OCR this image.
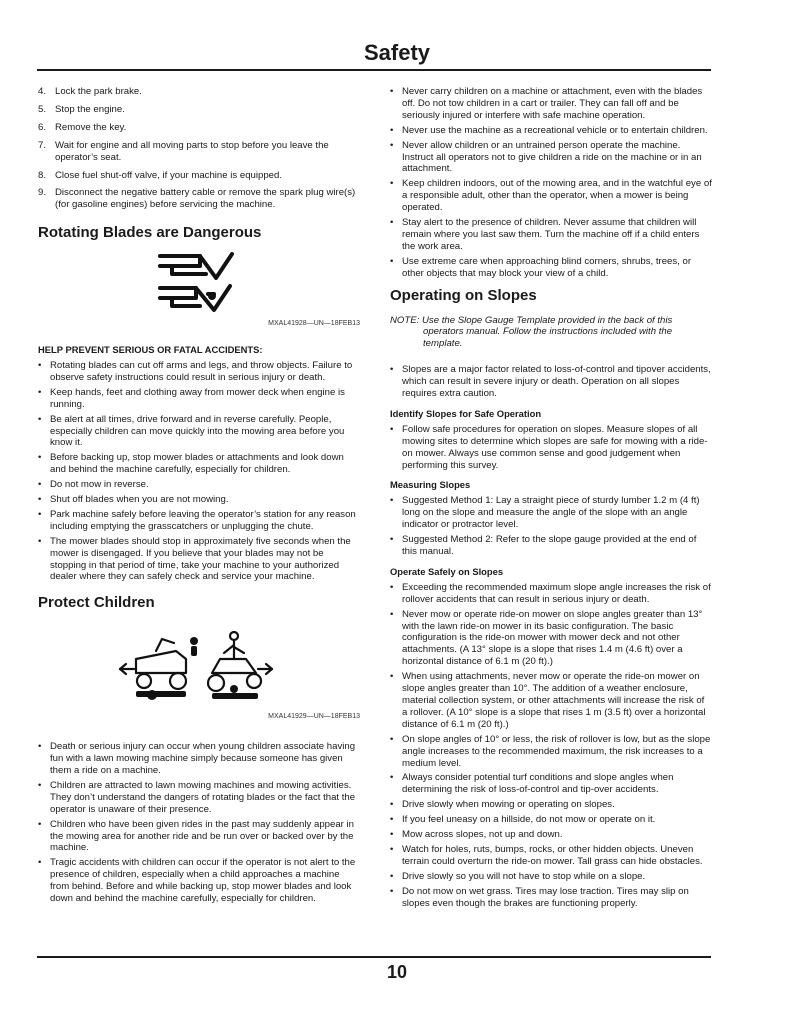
Safety
4. Lock the park brake.
5. Stop the engine.
6. Remove the key.
7. Wait for engine and all moving parts to stop before you leave the operator’s seat.
8. Close fuel shut-off valve, if your machine is equipped.
9. Disconnect the negative battery cable or remove the spark plug wire(s) (for gasoline engines) before servicing the machine.
Rotating Blades are Dangerous
MXAL41928—UN—18FEB13
HELP PREVENT SERIOUS OR FATAL ACCIDENTS:
• Rotating blades can cut off arms and legs, and throw objects. Failure to observe safety instructions could result in serious injury or death.
• Keep hands, feet and clothing away from mower deck when engine is running.
• Be alert at all times, drive forward and in reverse carefully. People, especially children can move quickly into the mowing area before you know it.
• Before backing up, stop mower blades or attachments and look down and behind the machine carefully, especially for children.
• Do not mow in reverse.
• Shut off blades when you are not mowing.
• Park machine safely before leaving the operator’s station for any reason including emptying the grasscatchers or unplugging the chute.
• The mower blades should stop in approximately five seconds when the mower is disengaged. If you believe that your blades may not be stopping in that period of time, take your machine to your authorized dealer where they can safely check and service your machine.
Protect Children
MXAL41929—UN—18FEB13
• Death or serious injury can occur when young children associate having fun with a lawn mowing machine simply because someone has given them a ride on a machine.
• Children are attracted to lawn mowing machines and mowing activities. They don’t understand the dangers of rotating blades or the fact that the operator is unaware of their presence.
• Children who have been given rides in the past may suddenly appear in the mowing area for another ride and be run over or backed over by the machine.
• Tragic accidents with children can occur if the operator is not alert to the presence of children, especially when a child approaches a machine from behind. Before and while backing up, stop mower blades and look down and behind the machine carefully, especially for children.
• Never carry children on a machine or attachment, even with the blades off. Do not tow children in a cart or trailer. They can fall off and be seriously injured or interfere with safe machine operation.
• Never use the machine as a recreational vehicle or to entertain children.
• Never allow children or an untrained person operate the machine. Instruct all operators not to give children a ride on the machine or in an attachment.
• Keep children indoors, out of the mowing area, and in the watchful eye of a responsible adult, other than the operator, when a mower is being operated.
• Stay alert to the presence of children. Never assume that children will remain where you last saw them. Turn the machine off if a child enters the work area.
• Use extreme care when approaching blind corners, shrubs, trees, or other objects that may block your view of a child.
Operating on Slopes
NOTE: Use the Slope Gauge Template provided in the back of this
operators manual. Follow the instructions included with the template.
• Slopes are a major factor related to loss-of-control and tipover accidents, which can result in severe injury or death. Operation on all slopes requires extra caution.
Identify Slopes for Safe Operation
• Follow safe procedures for operation on slopes. Measure slopes of all mowing sites to determine which slopes are safe for mowing with a ride-on mower. Always use common sense and good judgement when performing this survey.
Measuring Slopes
• Suggested Method 1: Lay a straight piece of sturdy lumber 1.2 m (4 ft) long on the slope and measure the angle of the slope with an angle indicator or protractor level.
• Suggested Method 2: Refer to the slope gauge provided at the end of this manual.
Operate Safely on Slopes
• Exceeding the recommended maximum slope angle increases the risk of rollover accidents that can result in serious injury or death.
• Never mow or operate ride-on mower on slope angles greater than 13° with the lawn ride-on mower in its basic configuration. The basic configuration is the ride-on mower with mower deck and not other attachments. (A 13° slope is a slope that rises 1.4 m (4.6 ft) over a horizontal distance of 6.1 m (20 ft).)
• When using attachments, never mow or operate the ride-on mower on slope angles greater than 10°. The addition of a weather enclosure, material collection system, or other attachments will increase the risk of a rollover. (A 10° slope is a slope that rises 1 m (3.5 ft) over a horizontal distance of 6.1 m (20 ft).)
• On slope angles of 10° or less, the risk of rollover is low, but as the slope angle increases to the recommended maximum, the risk increases to a medium level.
• Always consider potential turf conditions and slope angles when determining the risk of loss-of-control and tip-over accidents.
• Drive slowly when mowing or operating on slopes.
• If you feel uneasy on a hillside, do not mow or operate on it.
• Mow across slopes, not up and down.
• Watch for holes, ruts, bumps, rocks, or other hidden objects. Uneven terrain could overturn the ride-on mower. Tall grass can hide obstacles.
• Drive slowly so you will not have to stop while on a slope.
• Do not mow on wet grass. Tires may lose traction. Tires may slip on slopes even though the brakes are functioning properly.
10
